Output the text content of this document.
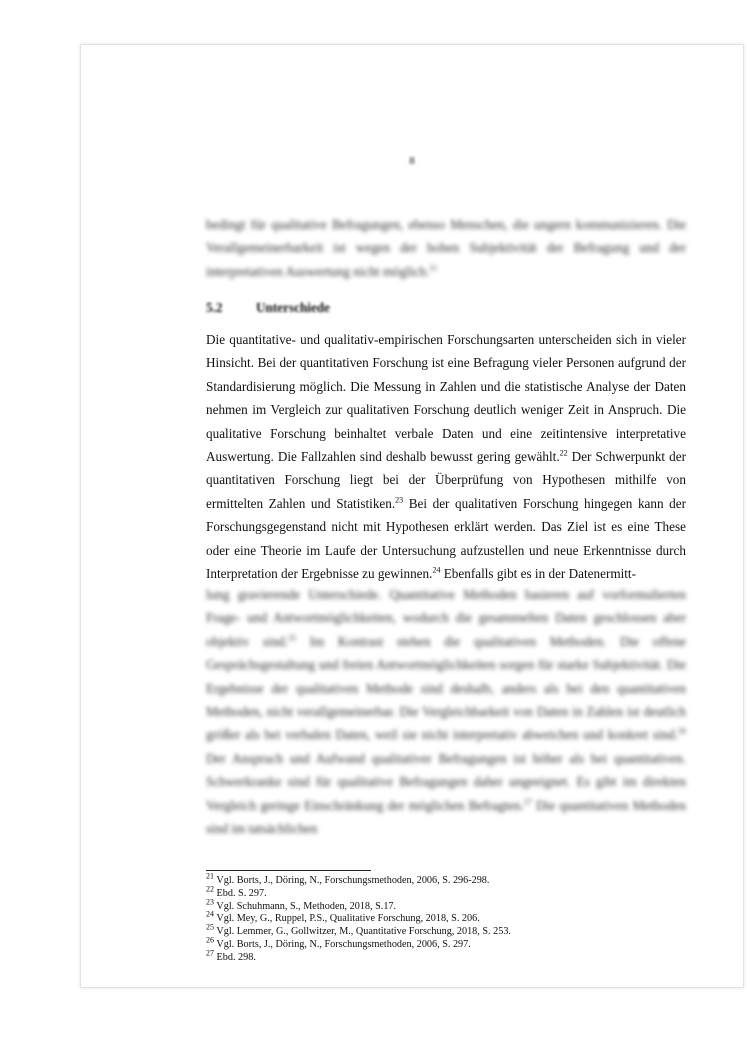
8

bedingt für qualitative Befragungen, ebenso Menschen, die ungern kommunizieren. Die Verallgemeinerbarkeit ist wegen der hohen Subjektivität der Befragung und der interpretativen Auswertung nicht möglich.$^{21}$

5.2	Unterschiede

Die quantitative- und qualitativ-empirischen Forschungsarten unterscheiden sich in vieler Hinsicht. Bei der quantitativen Forschung ist eine Befragung vieler Personen aufgrund der Standardisierung möglich. Die Messung in Zahlen und die statistische Analyse der Daten nehmen im Vergleich zur qualitativen Forschung deutlich weniger Zeit in Anspruch. Die qualitative Forschung beinhaltet verbale Daten und eine zeitintensive interpretative Auswertung. Die Fallzahlen sind deshalb bewusst gering gewählt.$^{22}$ Der Schwerpunkt der quantitativen Forschung liegt bei der Überprüfung von Hypothesen mithilfe von ermittelten Zahlen und Statistiken.$^{23}$ Bei der qualitativen Forschung hingegen kann der Forschungsgegenstand nicht mit Hypothesen erklärt werden. Das Ziel ist es eine These oder eine Theorie im Laufe der Untersuchung aufzustellen und neue Erkenntnisse durch Interpretation der Ergebnisse zu gewinnen.$^{24}$ Ebenfalls gibt es in der Datenermitt-

lung gravierende Unterschiede. Quantitative Methoden basieren auf vorformulierten Frage- und Antwortmöglichkeiten, wodurch die gesammelten Daten geschlossen aber objektiv sind.$^{25}$ Im Kontrast stehen die qualitativen Methoden. Die offene Gesprächsgestaltung und freien Antwortmöglichkeiten sorgen für starke Subjektivität. Die Ergebnisse der qualitativen Methode sind deshalb, anders als bei den quantitativen Methoden, nicht verallgemeinerbar. Die Vergleichbarkeit von Daten in Zahlen ist deutlich größer als bei verbalen Daten, weil sie nicht interpretativ abweichen und konkret sind.$^{26}$ Der Anspruch und Aufwand qualitativer Befragungen ist höher als bei quantitativen. Schwerkranke sind für qualitative Befragungen daher ungeeignet. Es gibt im direkten Vergleich geringe Einschränkung der möglichen Befragten.$^{27}$ Die quantitativen Methoden sind im tatsächlichen

$^{21}$ Vgl. Borts, J., Döring, N., Forschungsmethoden, 2006, S. 296-298.
$^{22}$ Ebd. S. 297.
$^{23}$ Vgl. Schuhmann, S., Methoden, 2018, S.17.
$^{24}$ Vgl. Mey, G., Ruppel, P.S., Qualitative Forschung, 2018, S. 206.
$^{25}$ Vgl. Lemmer, G., Gollwitzer, M., Quantitative Forschung, 2018, S. 253.
$^{26}$ Vgl. Borts, J., Döring, N., Forschungsmethoden, 2006, S. 297.
$^{27}$ Ebd. 298.
